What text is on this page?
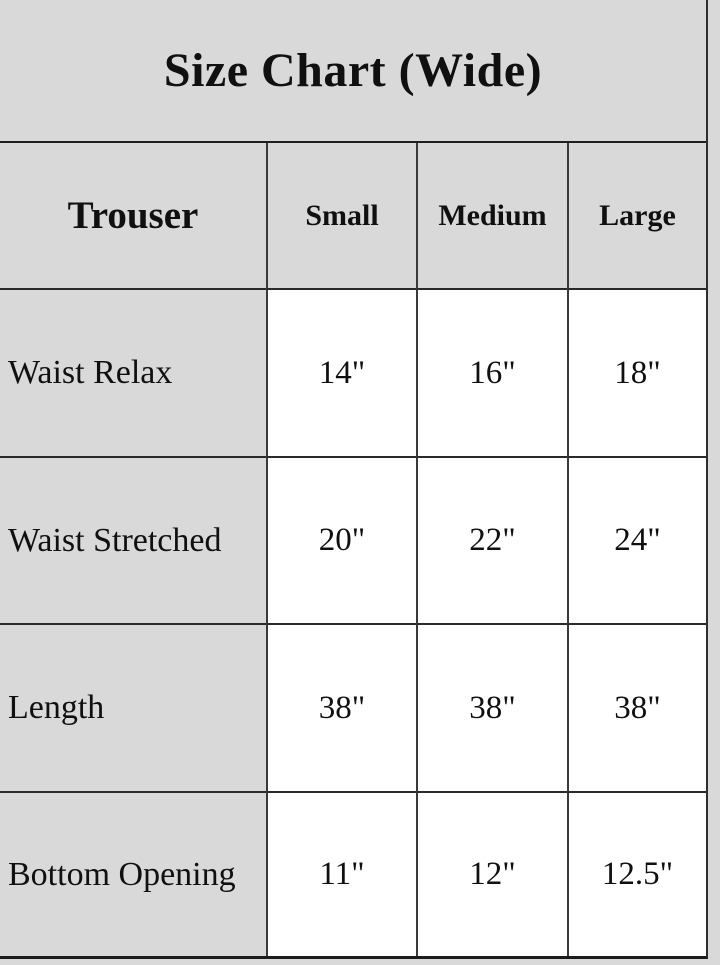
Size Chart (Wide)
Trouser	Small	Medium	Large
Waist Relax	14"	16"	18"
Waist Stretched	20"	22"	24"
Length	38"	38"	38"
Bottom Opening	11"	12"	12.5"
